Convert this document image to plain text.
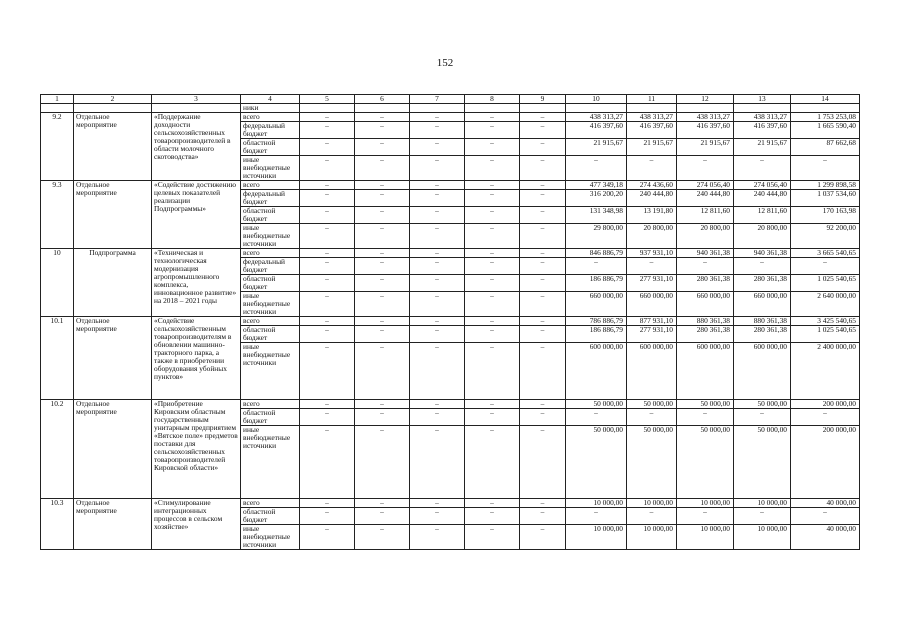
152
1	2	3	4	5	6	7	8	9	10	11	12	13	14
			ники										
9.2	Отдельное мероприятие	«Поддержание доходности сельскохозяйственных товаропроизводителей в области молочного скотоводства»	всего	–	–	–	–	–	438 313,27	438 313,27	438 313,27	438 313,27	1 753 253,08
			федеральный бюджет	–	–	–	–	–	416 397,60	416 397,60	416 397,60	416 397,60	1 665 590,40
			областной бюджет	–	–	–	–	–	21 915,67	21 915,67	21 915,67	21 915,67	87 662,68
			иные внебюджетные источники	–	–	–	–	–	–	–	–	–	–
9.3	Отдельное мероприятие	«Содействие достижению целевых показателей реализации Подпрограммы»	всего	–	–	–	–	–	477 349,18	274 436,60	274 056,40	274 056,40	1 299 898,58
			федеральный бюджет	–	–	–	–	–	316 200,20	240 444,80	240 444,80	240 444,80	1 037 534,60
			областной бюджет	–	–	–	–	–	131 348,98	13 191,80	12 811,60	12 811,60	170 163,98
			иные внебюджетные источники	–	–	–	–	–	29 800,00	20 800,00	20 800,00	20 800,00	92 200,00
10	Подпрограмма	«Техническая и технологическая модернизация агропромышленного комплекса, инновационное развитие» на 2018 – 2021 годы	всего	–	–	–	–	–	846 886,79	937 931,10	940 361,38	940 361,38	3 665 540,65
			федеральный бюджет	–	–	–	–	–	–	–	–	–	–
			областной бюджет	–	–	–	–	–	186 886,79	277 931,10	280 361,38	280 361,38	1 025 540,65
			иные внебюджетные источники	–	–	–	–	–	660 000,00	660 000,00	660 000,00	660 000,00	2 640 000,00
10.1	Отдельное мероприятие	«Содействие сельскохозяйственным товаропроизводителям в обновлении машинно-тракторного парка, а также в приобретении оборудования убойных пунктов»	всего	–	–	–	–	–	786 886,79	877 931,10	880 361,38	880 361,38	3 425 540,65
			областной бюджет	–	–	–	–	–	186 886,79	277 931,10	280 361,38	280 361,38	1 025 540,65
			иные внебюджетные источники	–	–	–	–	–	600 000,00	600 000,00	600 000,00	600 000,00	2 400 000,00
10.2	Отдельное мероприятие	«Приобретение Кировским областным государственным унитарным предприятием «Вятское поле» предметов поставки для сельскохозяйственных товаропроизводителей Кировской области»	всего	–	–	–	–	–	50 000,00	50 000,00	50 000,00	50 000,00	200 000,00
			областной бюджет	–	–	–	–	–	–	–	–	–	–
			иные внебюджетные источники	–	–	–	–	–	50 000,00	50 000,00	50 000,00	50 000,00	200 000,00
10.3	Отдельное мероприятие	«Стимулирование интеграционных процессов в сельском хозяйстве»	всего	–	–	–	–	–	10 000,00	10 000,00	10 000,00	10 000,00	40 000,00
			областной бюджет	–	–	–	–	–	–	–	–	–	–
			иные внебюджетные источники	–	–	–	–	–	10 000,00	10 000,00	10 000,00	10 000,00	40 000,00
